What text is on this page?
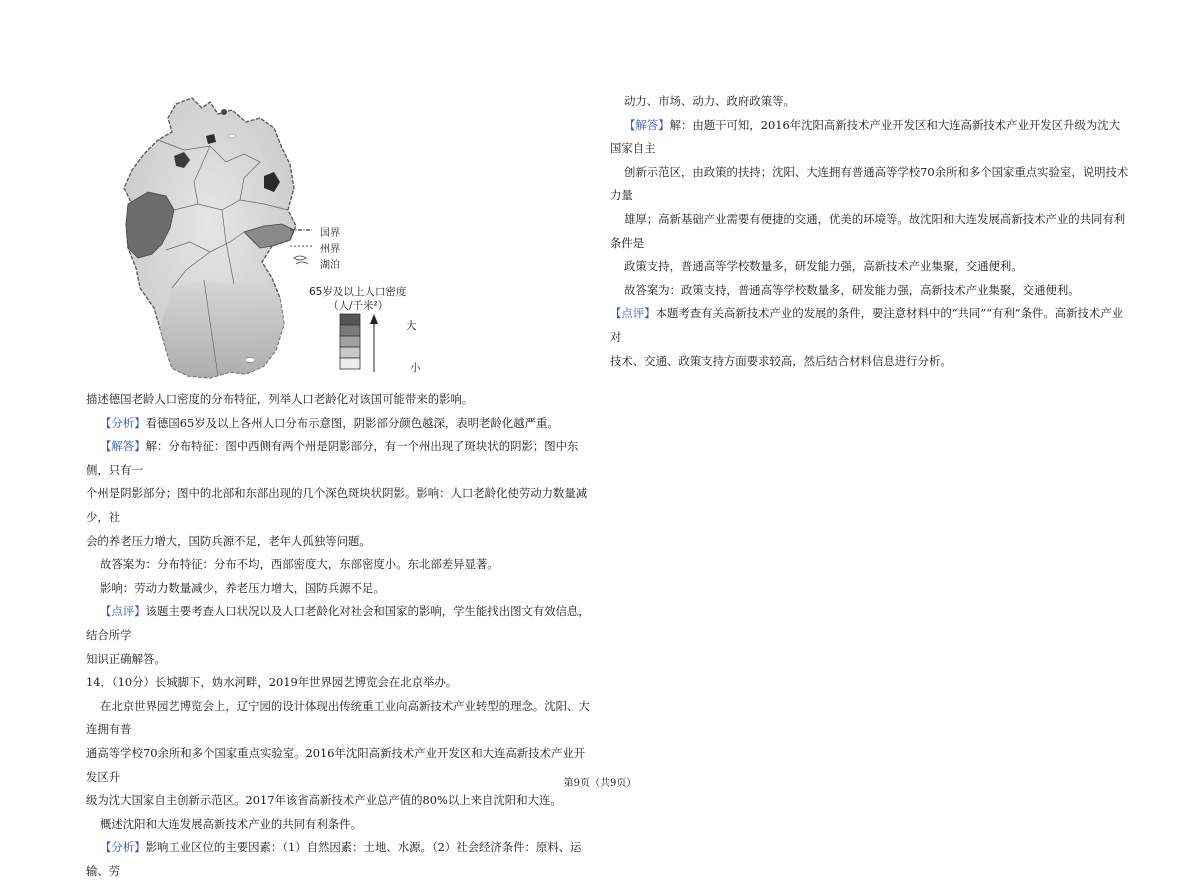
国界
州界
湖泊
65岁及以上人口密度
（人/千米²）
大
小

描述德国老龄人口密度的分布特征，列举人口老龄化对该国可能带来的影响。

【分析】看德国65岁及以上各州人口分布示意图，阴影部分颜色越深，表明老龄化越严重。

【解答】解：分布特征：图中西侧有两个州是阴影部分，有一个州出现了斑块状的阴影；图中东侧，只有一

个州是阴影部分；图中的北部和东部出现的几个深色斑块状阴影。影响：人口老龄化使劳动力数量减少，社

会的养老压力增大，国防兵源不足，老年人孤独等问题。

故答案为：分布特征：分布不均，西部密度大，东部密度小。东北部差异显著。

影响：劳动力数量减少，养老压力增大，国防兵源不足。

【点评】该题主要考查人口状况以及人口老龄化对社会和国家的影响，学生能找出图文有效信息，结合所学

知识正确解答。

14．（10分）长城脚下，妫水河畔，2019年世界园艺博览会在北京举办。

在北京世界园艺博览会上，辽宁园的设计体现出传统重工业向高新技术产业转型的理念。沈阳、大连拥有普

通高等学校70余所和多个国家重点实验室。2016年沈阳高新技术产业开发区和大连高新技术产业开发区升

级为沈大国家自主创新示范区。2017年该省高新技术产业总产值的80%以上来自沈阳和大连。

概述沈阳和大连发展高新技术产业的共同有利条件。

【分析】影响工业区位的主要因素：（1）自然因素：土地、水源。（2）社会经济条件：原料、运输、劳

动力、市场、动力、政府政策等。

【解答】解：由题干可知，2016年沈阳高新技术产业开发区和大连高新技术产业开发区升级为沈大国家自主

创新示范区，由政策的扶持；沈阳、大连拥有普通高等学校70余所和多个国家重点实验室，说明技术力量

雄厚；高新基础产业需要有便捷的交通，优美的环境等。故沈阳和大连发展高新技术产业的共同有利条件是

政策支持，普通高等学校数量多，研发能力强，高新技术产业集聚，交通便利。

故答案为：政策支持，普通高等学校数量多，研发能力强，高新技术产业集聚，交通便利。

【点评】本题考查有关高新技术产业的发展的条件，要注意材料中的“共同”“有利”条件。高新技术产业对

技术、交通、政策支持方面要求较高，然后结合材料信息进行分析。

第9页（共9页）
